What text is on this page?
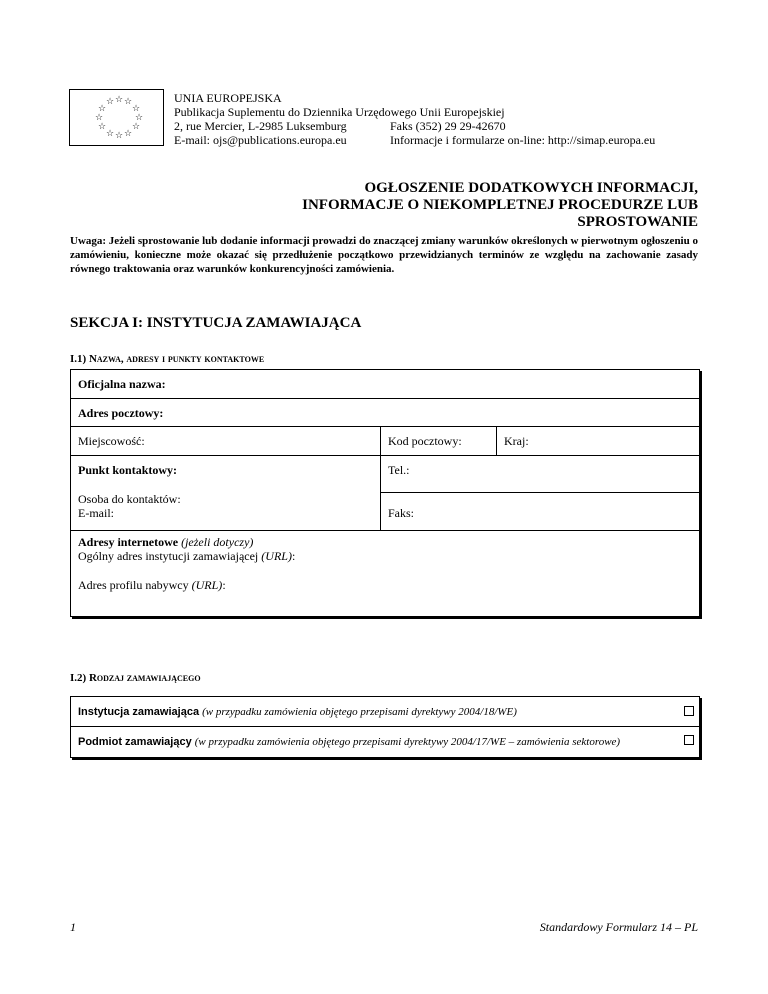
☆
☆ ☆
☆	☆
☆	☆
☆	☆
☆ ☆
☆
UNIA EUROPEJSKA
Publikacja Suplementu do Dziennika Urzędowego Unii Europejskiej
2, rue Mercier, L-2985 Luksemburg	Faks (352) 29 29-42670
E-mail: ojs@publications.europa.eu	Informacje i formularze on-line: http://simap.europa.eu
OGŁOSZENIE DODATKOWYCH INFORMACJI,
INFORMACJE O NIEKOMPLETNEJ PROCEDURZE LUB
SPROSTOWANIE
Uwaga: Jeżeli sprostowanie lub dodanie informacji prowadzi do znaczącej zmiany warunków określonych w pierwotnym ogłoszeniu o zamówieniu, konieczne może okazać się przedłużenie początkowo przewidzianych terminów ze względu na zachowanie zasady równego traktowania oraz warunków konkurencyjności zamówienia.
SEKCJA I: INSTYTUCJA ZAMAWIAJĄCA
I.1) Nazwa, adresy i punkty kontaktowe
Oficjalna nazwa:
Adres pocztowy:
Miejscowość:	Kod pocztowy:	Kraj:
Punkt kontaktowy:	Tel.:
Osoba do kontaktów:
E-mail:	Faks:
Adresy internetowe (jeżeli dotyczy)
Ogólny adres instytucji zamawiającej (URL):
Adres profilu nabywcy (URL):
I.2) Rodzaj zamawiającego
Instytucja zamawiająca (w przypadku zamówienia objętego przepisami dyrektywy 2004/18/WE)
Podmiot zamawiający (w przypadku zamówienia objętego przepisami dyrektywy 2004/17/WE – zamówienia sektorowe)
1	Standardowy Formularz 14 – PL
